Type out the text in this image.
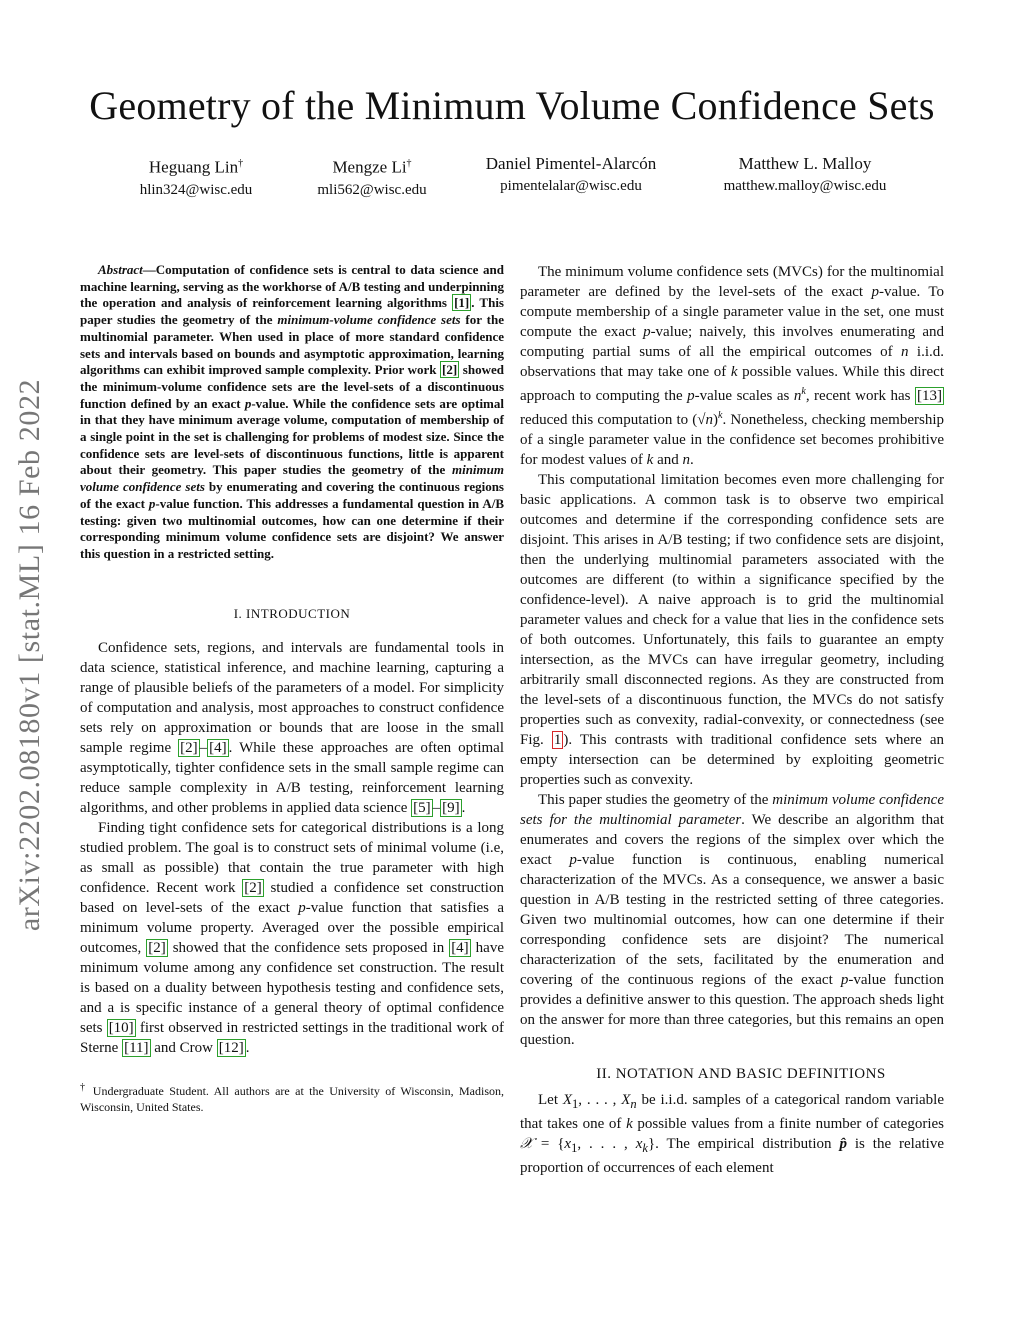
arXiv:2202.08180v1 [stat.ML] 16 Feb 2022
Geometry of the Minimum Volume Confidence Sets
Heguang Lin†
hlin324@wisc.edu
Mengze Li†
mli562@wisc.edu
Daniel Pimentel-Alarcón
pimentelalar@wisc.edu
Matthew L. Malloy
matthew.malloy@wisc.edu

Abstract—Computation of confidence sets is central to data science and machine learning, serving as the workhorse of A/B testing and underpinning the operation and analysis of reinforcement learning algorithms [1] . This paper studies the geometry of the minimum-volume confidence sets for the multinomial parameter. When used in place of more standard confidence sets and intervals based on bounds and asymptotic approximation, learning algorithms can exhibit improved sample complexity. Prior work [2] showed the minimum-volume confidence sets are the level-sets of a discontinuous function defined by an exact p-value. While the confidence sets are optimal in that they have minimum average volume, computation of membership of a single point in the set is challenging for problems of modest size. Since the confidence sets are level-sets of discontinuous functions, little is apparent about their geometry. This paper studies the geometry of the minimum volume confidence sets by enumerating and covering the continuous regions of the exact p-value function. This addresses a fundamental question in A/B testing: given two multinomial outcomes, how can one determine if their corresponding minimum volume confidence sets are disjoint? We answer this question in a restricted setting.

I. INTRODUCTION

Confidence sets, regions, and intervals are fundamental tools in data science, statistical inference, and machine learning, capturing a range of plausible beliefs of the parameters of a model. For simplicity of computation and analysis, most approaches to construct confidence sets rely on approximation or bounds that are loose in the small sample regime [2] – [4] . While these approaches are often optimal asymptotically, tighter confidence sets in the small sample regime can reduce sample complexity in A/B testing, reinforcement learning algorithms, and other problems in applied data science [5] – [9] .

Finding tight confidence sets for categorical distributions is a long studied problem. The goal is to construct sets of minimal volume (i.e, as small as possible) that contain the true parameter with high confidence. Recent work [2] studied a confidence set construction based on level-sets of the exact p-value function that satisfies a minimum volume property. Averaged over the possible empirical outcomes, [2] showed that the confidence sets proposed in [4] have minimum volume among any confidence set construction. The result is based on a duality between hypothesis testing and confidence sets, and a is specific instance of a general theory of optimal confidence sets [10] first observed in restricted settings in the traditional work of Sterne [11] and Crow [12] .

† Undergraduate Student. All authors are at the University of Wisconsin, Madison, Wisconsin, United States.

The minimum volume confidence sets (MVCs) for the multinomial parameter are defined by the level-sets of the exact p-value. To compute membership of a single parameter value in the set, one must compute the exact p-value; naively, this involves enumerating and computing partial sums of all the empirical outcomes of n i.i.d. observations that may take one of k possible values. While this direct approach to computing the p-value scales as $n^k$, recent work has [13] reduced this computation to $(√n)^k$. Nonetheless, checking membership of a single parameter value in the confidence set becomes prohibitive for modest values of k and n.

This computational limitation becomes even more challenging for basic applications. A common task is to observe two empirical outcomes and determine if the corresponding confidence sets are disjoint. This arises in A/B testing; if two confidence sets are disjoint, then the underlying multinomial parameters associated with the outcomes are different (to within a significance specified by the confidence-level). A naive approach is to grid the multinomial parameter values and check for a value that lies in the confidence sets of both outcomes. Unfortunately, this fails to guarantee an empty intersection, as the MVCs can have irregular geometry, including arbitrarily small disconnected regions. As they are constructed from the level-sets of a discontinuous function, the MVCs do not satisfy properties such as convexity, radial-convexity, or connectedness (see Fig. 1 ). This contrasts with traditional confidence sets where an empty intersection can be determined by exploiting geometric properties such as convexity.

This paper studies the geometry of the minimum volume confidence sets for the multinomial parameter. We describe an algorithm that enumerates and covers the regions of the simplex over which the exact p-value function is continuous, enabling numerical characterization of the MVCs. As a consequence, we answer a basic question in A/B testing in the restricted setting of three categories. Given two multinomial outcomes, how can one determine if their corresponding confidence sets are disjoint? The numerical characterization of the sets, facilitated by the enumeration and covering of the continuous regions of the exact p-value function provides a definitive answer to this question. The approach sheds light on the answer for more than three categories, but this remains an open question.

II. NOTATION AND BASIC DEFINITIONS

Let $X_1$, . . . , $X_n$ be i.i.d. samples of a categorical random variable that takes one of k possible values from a finite number of categories 𝒳 = {$x_1$, . . . , $x_k$}. The empirical distribution p̂ is the relative proportion of occurrences of each element
